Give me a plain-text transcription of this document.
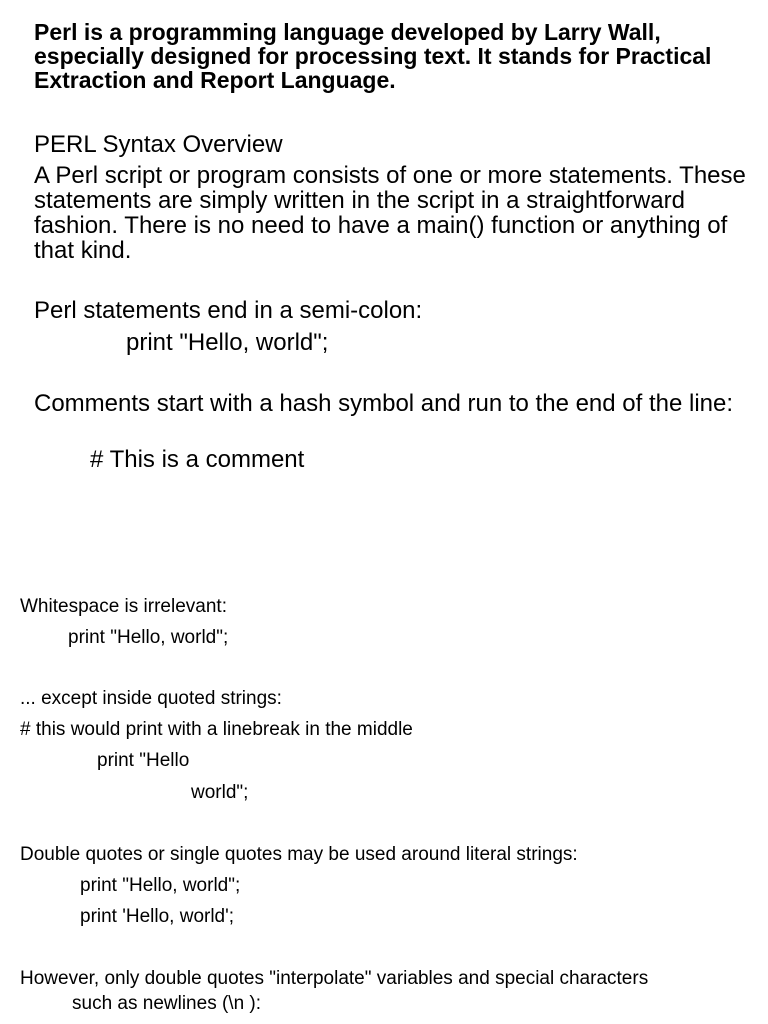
Perl is a programming language developed by Larry Wall, especially designed for processing text. It stands for Practical Extraction and Report Language.

PERL Syntax Overview

A Perl script or program consists of one or more statements. These statements are simply written in the script in a straightforward fashion. There is no need to have a main() function or anything of that kind.

Perl statements end in a semi-colon:
print "Hello, world";

Comments start with a hash symbol and run to the end of the line:

# This is a comment
Whitespace is irrelevant:
print "Hello, world";
... except inside quoted strings:
# this would print with a linebreak in the middle
print "Hello
world";
Double quotes or single quotes may be used around literal strings:
print "Hello, world";
print 'Hello, world';
However, only double quotes "interpolate" variables and special characters
such as newlines (\n ):
